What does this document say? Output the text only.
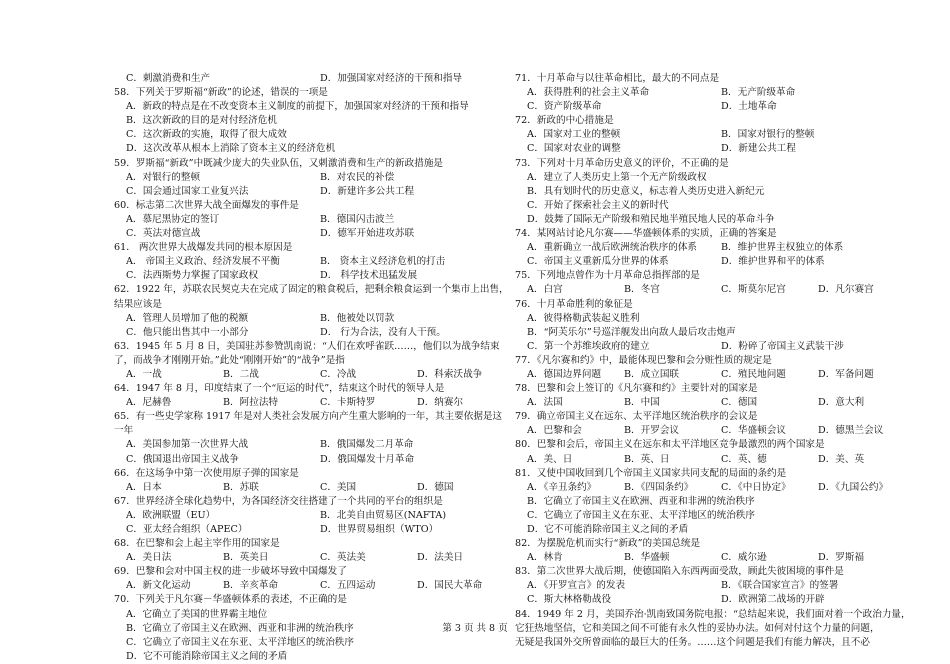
C．刺激消费和生产	D．加强国家对经济的干预和指导
58．下列关于罗斯福“新政”的论述，错误的一项是
A．新政的特点是在不改变资本主义制度的前提下，加强国家对经济的干预和指导
B．这次新政的目的是对付经济危机
C．这次新政的实施，取得了很大成效
D．这次改革从根本上消除了资本主义的经济危机
59．罗斯福“新政”中既减少庞大的失业队伍，又刺激消费和生产的新政措施是
A．对银行的整顿	B．对农民的补偿
C．国会通过国家工业复兴法	D．新建许多公共工程
60．标志第二次世界大战全面爆发的事件是
A．慕尼黑协定的签订	B．德国闪击波兰
C．英法对德宣战	D．德军开始进攻苏联
61． 两次世界大战爆发共同的根本原因是
A． 帝国主义政治、经济发展不平衡	B． 资本主义经济危机的打击
C．法西斯势力掌握了国家政权	D． 科学技术迅猛发展
62．1922 年，苏联农民契克夫在完成了固定的粮食税后，把剩余粮食运到一个集市上出售，
结果应该是
A．管理人员增加了他的税额	B．他被处以罚款
C．他只能出售其中一小部分	D． 行为合法，没有人干预。
63．1945 年 5 月 8 日，美国驻苏参赞凯南说：“人们在欢呼雀跃……，他们以为战争结束
了，而战争才刚刚开始。”此处“刚刚开始”的“战争”是指
A．一战	B．二战	C．冷战	D．科索沃战争
64．1947 年 8 月，印度结束了一个“厄运的时代”，结束这个时代的领导人是
A．尼赫鲁	B．阿拉法特	C．卡斯特罗	D．纳赛尔
65．有一些史学家称 1917 年是对人类社会发展方向产生重大影响的一年，其主要依据是这
一年
A．美国参加第一次世界大战	B．俄国爆发二月革命
C．俄国退出帝国主义战争	D．俄国爆发十月革命
66．在这场争中第一次使用原子弹的国家是
A．日本	B．苏联	C．美国	D．德国
67．世界经济全球化趋势中，为各国经济交往搭建了一个共同的平台的组织是
A．欧洲联盟（EU）	B．北美自由贸易区(NAFTA)
C．亚太经合组织（APEC）	D．世界贸易组织（WTO）
68．在巴黎和会上起主宰作用的国家是
A．美日法	B．英美日	C．英法美	D．法美日
69．巴黎和会对中国主权的进一步破坏导致中国爆发了
A．新文化运动	B．辛亥革命	C．五四运动	D．国民大革命
70．下列关于凡尔赛－华盛顿体系的表述，不正确的是
A．它确立了美国的世界霸主地位
B．它确立了帝国主义在欧洲、西亚和非洲的统治秩序
C．它确立了帝国主义在东亚、太平洋地区的统治秩序
D．它不可能消除帝国主义之间的矛盾
71．十月革命与以往革命相比，最大的不同点是
A．获得胜利的社会主义革命	B．无产阶级革命
C．资产阶级革命	D．土地革命
72．新政的中心措施是
A．国家对工业的整顿	B．国家对银行的整顿
C．国家对农业的调整	D．新建公共工程
73．下列对十月革命历史意义的评价，不正确的是
A．建立了人类历史上第一个无产阶级政权
B．具有划时代的历史意义，标志着人类历史进入新纪元
C．开始了探索社会主义的新时代
D．鼓舞了国际无产阶级和殖民地半殖民地人民的革命斗争
74．某网站讨论凡尔赛——华盛顿体系的实质，正确的答案是
A．重新确立一战后欧洲统治秩序的体系	B．维护世界主权独立的体系
C．帝国主义重新瓜分世界的体系	D．维护世界和平的体系
75．下列地点曾作为十月革命总指挥部的是
A．白宫	B．冬宫	C．斯莫尔尼宫	D．凡尔赛宫
76．十月革命胜利的象征是
A．彼得格勒武装起义胜利
B．“阿芙乐尔”号巡洋舰发出向敌人最后攻击炮声
C．第一个苏维埃政府的建立	D．粉碎了帝国主义武装干涉
77．《凡尔赛和约》中，最能体现巴黎和会分赃性质的规定是
A．德国边界问题	B．成立国联	C．殖民地问题	D．军备问题
78．巴黎和会上签订的《凡尔赛和约》主要针对的国家是
A．法国	B．中国	C．德国	D．意大利
79．确立帝国主义在远东、太平洋地区统治秩序的会议是
A．巴黎和会	B．开罗会议	C．华盛顿会议	D．德黑兰会议
80．巴黎和会后，帝国主义在远东和太平洋地区竞争最激烈的两个国家是
A．美、日	B．英、日	C．英、德	D．美、英
81．又使中国收回到几个帝国主义国家共同支配的局面的条约是
A．《辛丑条约》	B．《四国条约》	C．《中日协定》	D．《九国公约》
B．它确立了帝国主义在欧洲、西亚和非洲的统治秩序
C．它确立了帝国主义在东亚、太平洋地区的统治秩序
D．它不可能消除帝国主义之间的矛盾
82．为摆脱危机而实行“新政”的美国总统是
A．林肯	B．华盛顿	C．威尔逊	D．罗斯福
83．第二次世界大战后期，使德国陷入东西两面受敌，顾此失彼困境的事件是
A．《开罗宣言》的发表	B．《联合国家宣言》的签署
C．斯大林格勒战役	D．欧洲第二战场的开辟
84．1949 年 2 月，美国乔治·凯南致国务院电报：“总结起来说，我们面对着一个政治力量，
它狂热地坚信，它和美国之间不可能有永久性的妥协办法。如何对付这个力量的问题，
无疑是我国外交所曾面临的最巨大的任务。……这个问题是我们有能力解决，且不必
第 3 页 共 8 页
